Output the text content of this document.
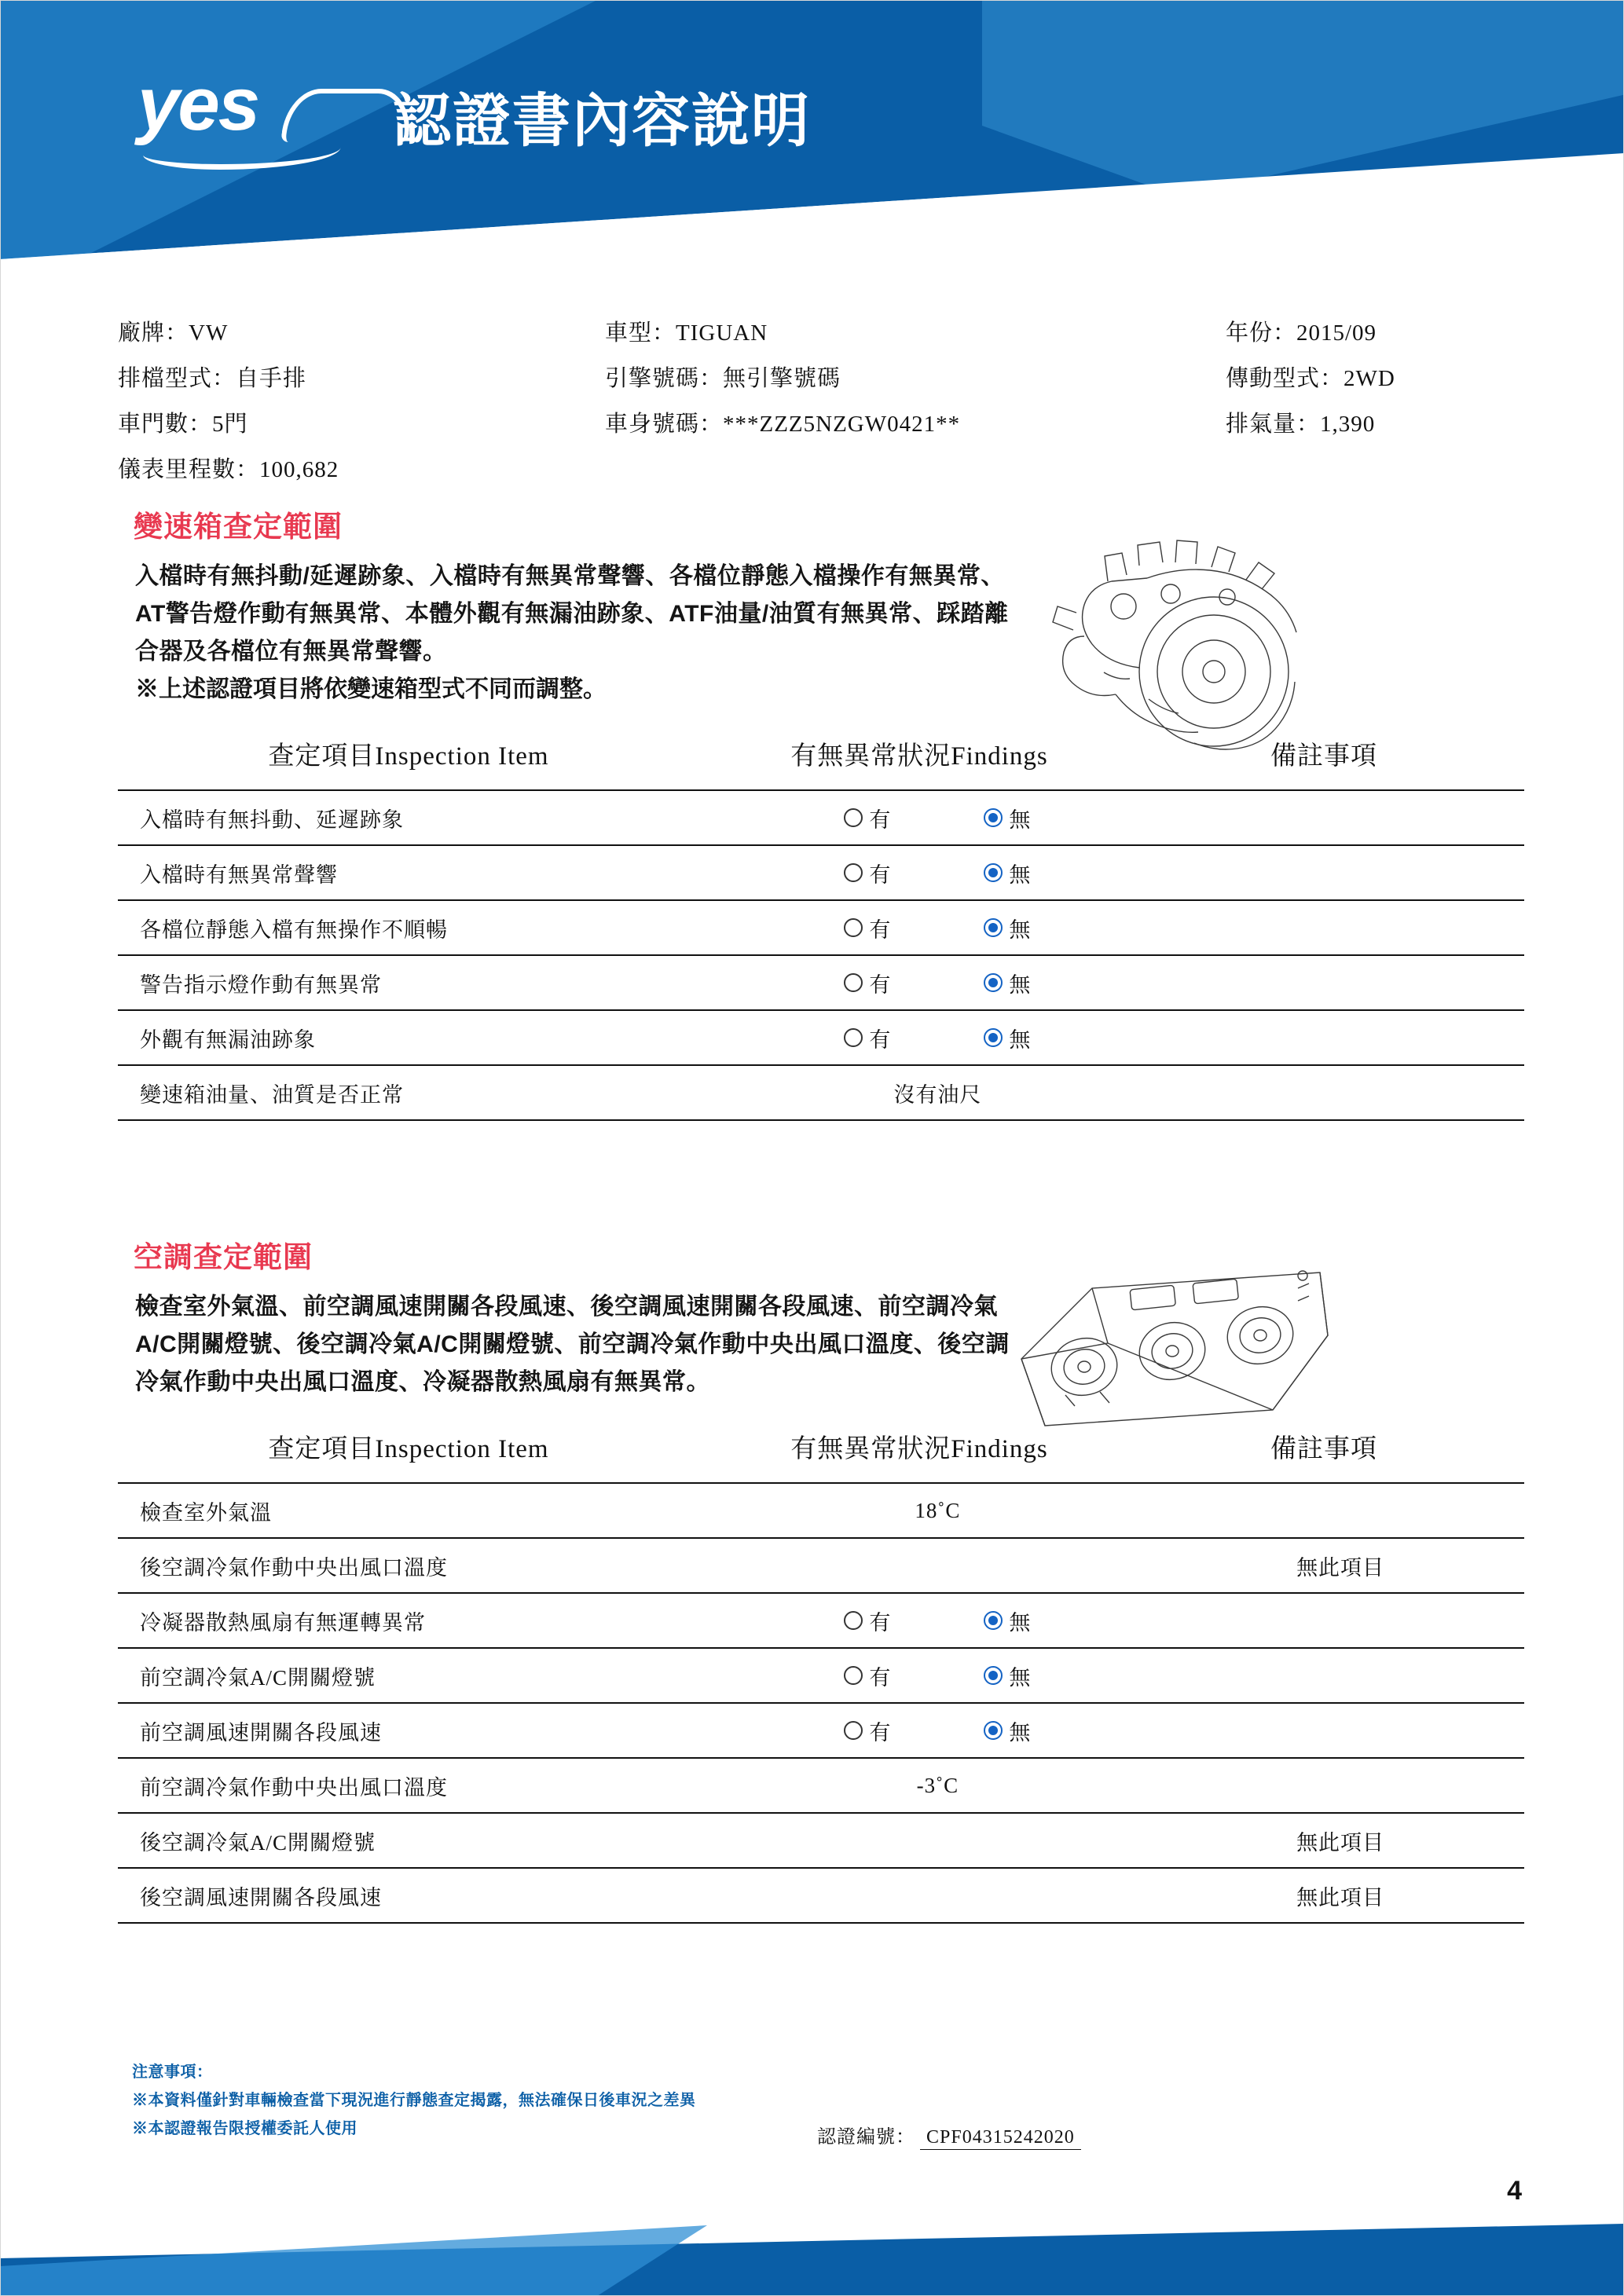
yes	認證書內容說明
廠牌：VW	車型：TIGUAN	年份：2015/09
排檔型式：自手排	引擎號碼：無引擎號碼	傳動型式：2WD
車門數：5門	車身號碼：***ZZZ5NZGW0421**	排氣量：1,390
儀表里程數：100,682
變速箱查定範圍
入檔時有無抖動/延遲跡象、入檔時有無異常聲響、各檔位靜態入檔操作有無異常、AT警告燈作動有無異常、本體外觀有無漏油跡象、ATF油量/油質有無異常、踩踏離合器及各檔位有無異常聲響。
※上述認證項目將依變速箱型式不同而調整。
查定項目Inspection Item	有無異常狀況Findings	備註事項
入檔時有無抖動、延遲跡象	有	無
入檔時有無異常聲響	有	無
各檔位靜態入檔有無操作不順暢	有	無
警告指示燈作動有無異常	有	無
外觀有無漏油跡象	有	無
變速箱油量、油質是否正常	沒有油尺
空調查定範圍
檢查室外氣溫、前空調風速開關各段風速、後空調風速開關各段風速、前空調冷氣A/C開關燈號、後空調冷氣A/C開關燈號、前空調冷氣作動中央出風口溫度、後空調冷氣作動中央出風口溫度、冷凝器散熱風扇有無異常。
查定項目Inspection Item	有無異常狀況Findings	備註事項
檢查室外氣溫	18˚C
後空調冷氣作動中央出風口溫度	無此項目
冷凝器散熱風扇有無運轉異常	有	無
前空調冷氣A/C開關燈號	有	無
前空調風速開關各段風速	有	無
前空調冷氣作動中央出風口溫度	-3˚C
後空調冷氣A/C開關燈號	無此項目
後空調風速開關各段風速	無此項目
注意事項：
※本資料僅針對車輛檢查當下現況進行靜態查定揭露，無法確保日後車況之差異
※本認證報告限授權委託人使用	認證編號： CPF04315242020
4
